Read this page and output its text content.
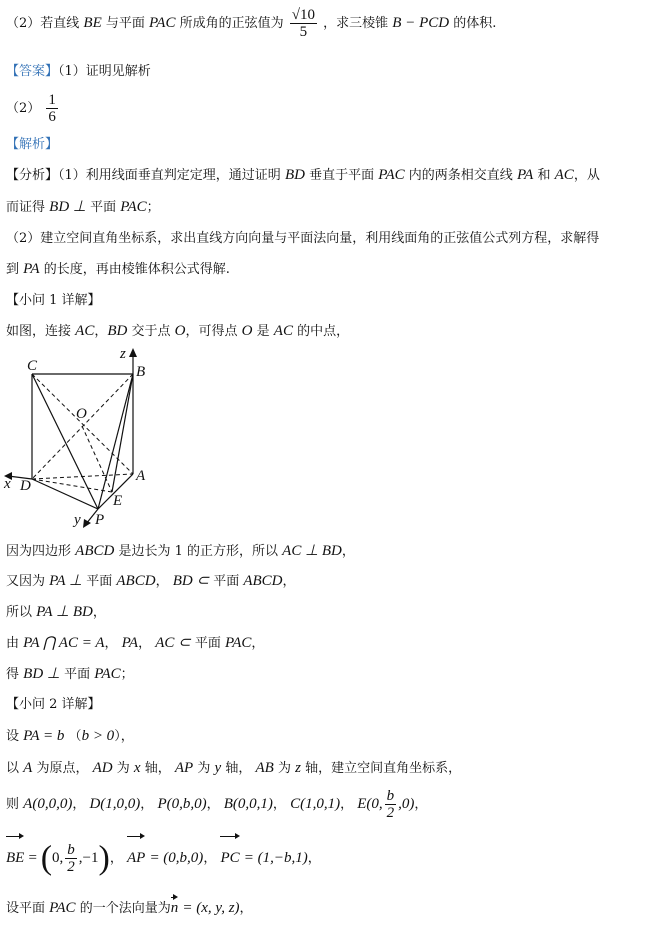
（2）若直线 BE 与平面 PAC 所成角的正弦值为 $\frac{√10}{5}$ ，求三棱锥 B − PCD 的体积.
【答案】（1）证明见解析
$(2) \frac{1}{6}$
【解析】
【分析】（1）利用线面垂直判定定理，通过证明 BD 垂直于平面 PAC 内的两条相交直线 PA 和 AC，从
而证得 BD ⊥ 平面 PAC；
（2）建立空间直角坐标系，求出直线方向向量与平面法向量，利用线面角的正弦值公式列方程，求解得
到 PA 的长度，再由棱锥体积公式得解.
【小问 1 详解】
如图，连接 AC，BD 交于点 O，可得点 O 是 AC 的中点，
C	B
O
D
A
E
P
x
y
z
因为四边形 ABCD 是边长为 1 的正方形，所以 AC ⊥ BD，
又因为 PA ⊥ 平面 ABCD， BD ⊂ 平面 ABCD，
所以 PA ⊥ BD，
由 PA ⋂ AC = A， PA， AC ⊂ 平面 PAC，
得 BD ⊥ 平面 PAC；
【小问 2 详解】
设 PA = b （b > 0），
以 A 为原点， AD 为 x 轴， AP 为 y 轴， AB 为 z 轴，建立空间直角坐标系，
则 A(0,0,0)， D(1,0,0)， P(0,b,0)， B(0,0,1)， C(1,0,1)， E(0, $\frac{b}{2} ,0$)，
BE = (0, $\frac{b}{2} ,-1$)， AP = (0,b,0)， PC = (1,−b,1)，
设平面 PAC 的一个法向量为n = (x, y, z)，
